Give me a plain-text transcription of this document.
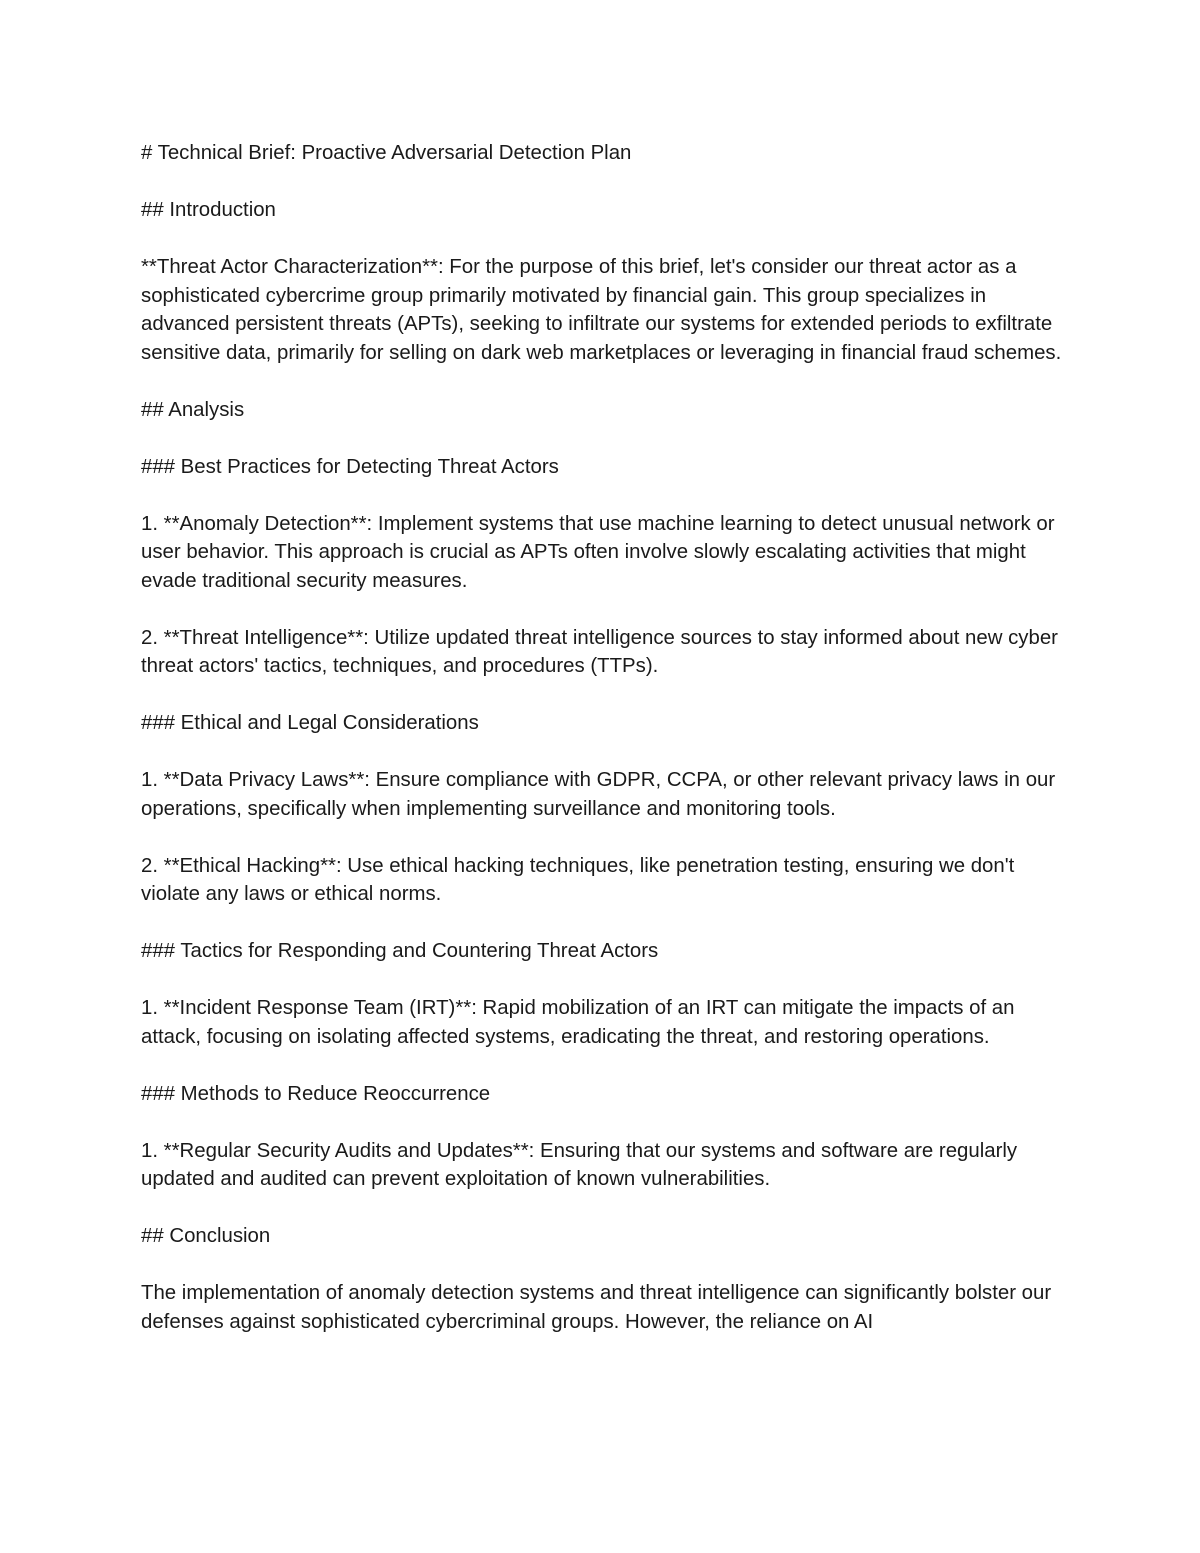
# Technical Brief: Proactive Adversarial Detection Plan

## Introduction

**Threat Actor Characterization**: For the purpose of this brief, let's consider our threat actor as a sophisticated cybercrime group primarily motivated by financial gain. This group specializes in advanced persistent threats (APTs), seeking to infiltrate our systems for extended periods to exfiltrate sensitive data, primarily for selling on dark web marketplaces or leveraging in financial fraud schemes.

## Analysis

### Best Practices for Detecting Threat Actors

1. **Anomaly Detection**: Implement systems that use machine learning to detect unusual network or user behavior. This approach is crucial as APTs often involve slowly escalating activities that might evade traditional security measures.

2. **Threat Intelligence**: Utilize updated threat intelligence sources to stay informed about new cyber threat actors' tactics, techniques, and procedures (TTPs).

### Ethical and Legal Considerations

1. **Data Privacy Laws**: Ensure compliance with GDPR, CCPA, or other relevant privacy laws in our operations, specifically when implementing surveillance and monitoring tools.

2. **Ethical Hacking**: Use ethical hacking techniques, like penetration testing, ensuring we don't violate any laws or ethical norms.

### Tactics for Responding and Countering Threat Actors

1. **Incident Response Team (IRT)**: Rapid mobilization of an IRT can mitigate the impacts of an attack, focusing on isolating affected systems, eradicating the threat, and restoring operations.

### Methods to Reduce Reoccurrence

1. **Regular Security Audits and Updates**: Ensuring that our systems and software are regularly updated and audited can prevent exploitation of known vulnerabilities.

## Conclusion

The implementation of anomaly detection systems and threat intelligence can significantly bolster our defenses against sophisticated cybercriminal groups. However, the reliance on AI
